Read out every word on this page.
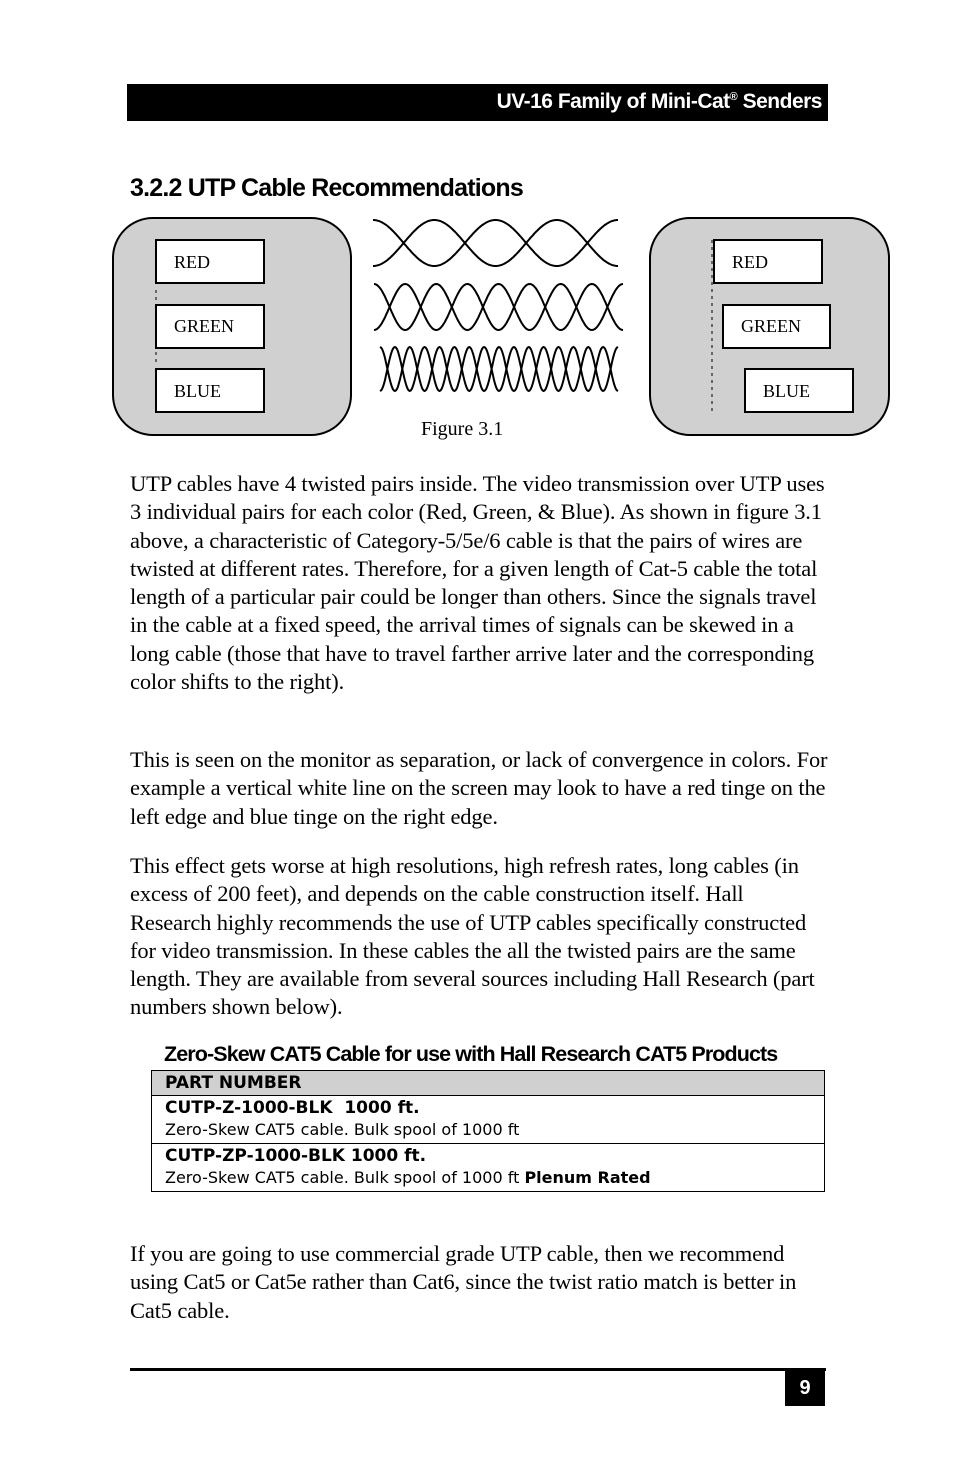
UV-16 Family of Mini-Cat® Senders
3.2.2 UTP Cable Recommendations
RED
GREEN
BLUE
RED
GREEN
BLUE
Figure 3.1

UTP cables have 4 twisted pairs inside. The video transmission over UTP uses 3 individual pairs for each color (Red, Green, & Blue). As shown in figure 3.1 above, a characteristic of Category-5/5e/6 cable is that the pairs of wires are twisted at different rates. Therefore, for a given length of Cat-5 cable the total length of a particular pair could be longer than others. Since the signals travel in the cable at a fixed speed, the arrival times of signals can be skewed in a long cable (those that have to travel farther arrive later and the corresponding color shifts to the right).

This is seen on the monitor as separation, or lack of convergence in colors. For example a vertical white line on the screen may look to have a red tinge on the left edge and blue tinge on the right edge.

This effect gets worse at high resolutions, high refresh rates, long cables (in excess of 200 feet), and depends on the cable construction itself. Hall Research highly recommends the use of UTP cables specifically constructed for video transmission. In these cables the all the twisted pairs are the same length. They are available from several sources including Hall Research (part numbers shown below).

Zero-Skew CAT5 Cable for use with Hall Research CAT5 Products
PART NUMBER
CUTP-Z-1000-BLK  1000 ft.
Zero-Skew CAT5 cable. Bulk spool of 1000 ft
CUTP-ZP-1000-BLK 1000 ft.
Zero-Skew CAT5 cable. Bulk spool of 1000 ft Plenum Rated

If you are going to use commercial grade UTP cable, then we recommend using Cat5 or Cat5e rather than Cat6, since the twist ratio match is better in Cat5 cable.

9
